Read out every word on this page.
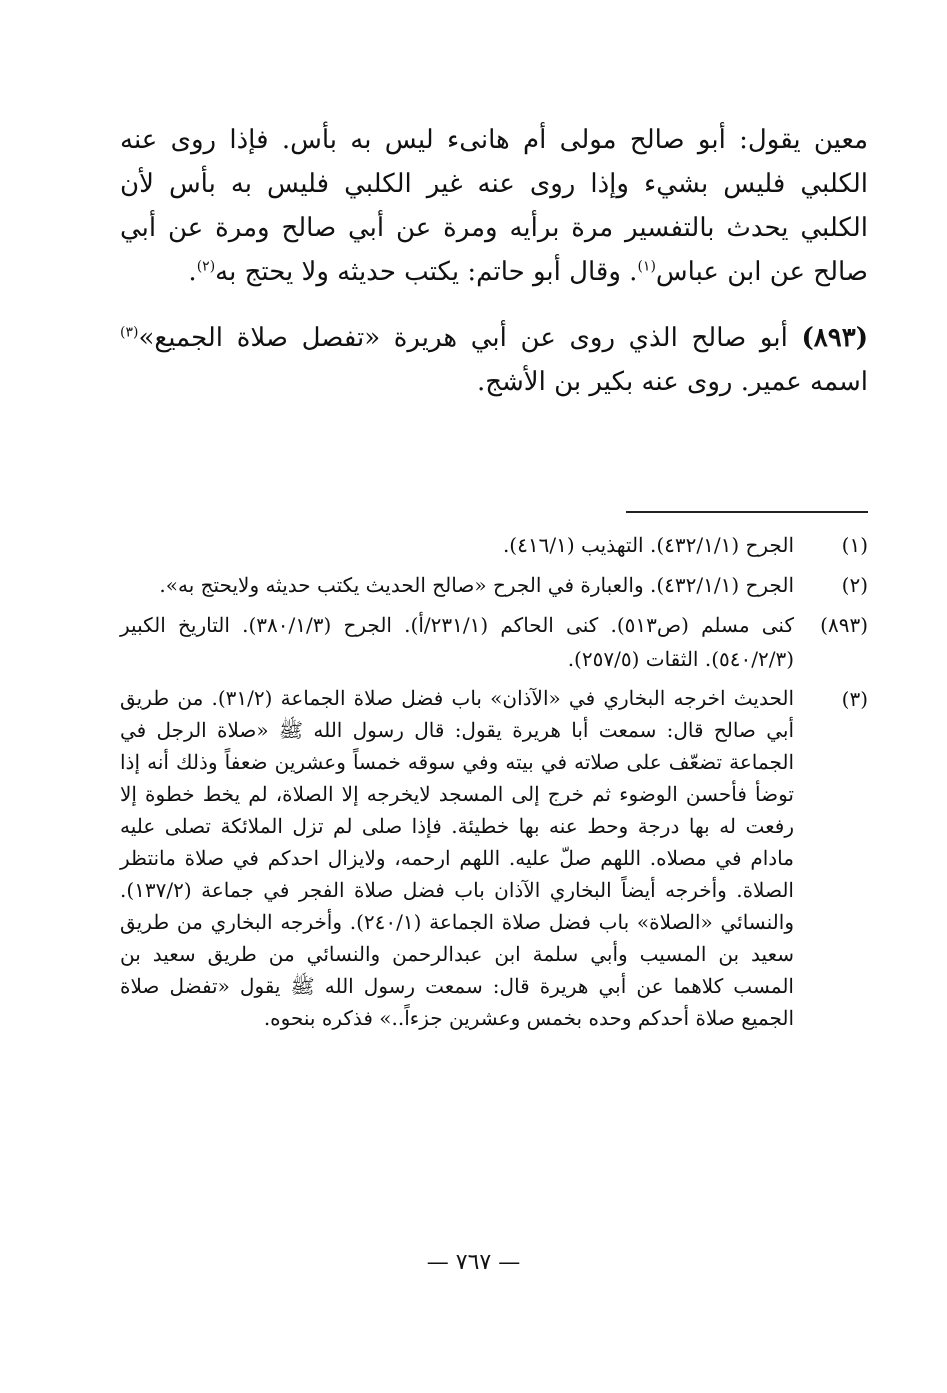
معين يقول: أبو صالح مولى أم هانىء ليس به بأس. فإذا روى عنه الكلبي فليس بشيء وإذا روى عنه غير الكلبي فليس به بأس لأن الكلبي يحدث بالتفسير مرة برأيه ومرة عن أبي صالح ومرة عن أبي صالح عن ابن عباس$^{(١)}$. وقال أبو حاتم: يكتب حديثه ولا يحتج به$^{(٢)}$.

(٨٩٣) أبو صالح الذي روى عن أبي هريرة «تفصل صلاة الجميع»$^{(٣)}$ اسمه عمير. روى عنه بكير بن الأشج.

(١)
الجرح (٤٣٢/١/١). التهذيب (٤١٦/١).
(٢)
الجرح (٤٣٢/١/١). والعبارة في الجرح «صالح الحديث يكتب حديثه ولايحتج به».
(٨٩٣)
كنى مسلم (ص٥١٣). كنى الحاكم (٢٣١/١/أ). الجرح (٣٨٠/١/٣). التاريخ الكبير (٥٤٠/٢/٣). الثقات (٢٥٧/٥).
(٣)
الحديث اخرجه البخاري في «الآذان» باب فضل صلاة الجماعة (٣١/٢). من طريق أبي صالح قال: سمعت أبا هريرة يقول: قال رسول الله ﷺ «صلاة الرجل في الجماعة تضعّف على صلاته في بيته وفي سوقه خمساً وعشرين ضعفاً وذلك أنه إذا توضأ فأحسن الوضوء ثم خرج إلى المسجد لايخرجه إلا الصلاة، لم يخط خطوة إلا رفعت له بها درجة وحط عنه بها خطيئة. فإذا صلى لم تزل الملائكة تصلى عليه مادام في مصلاه. اللهم صلّ عليه. اللهم ارحمه، ولايزال احدكم في صلاة مانتظر الصلاة. وأخرجه أيضاً البخاري الآذان باب فضل صلاة الفجر في جماعة (١٣٧/٢). والنسائي «الصلاة» باب فضل صلاة الجماعة (٢٤٠/١). وأخرجه البخاري من طريق سعيد بن المسيب وأبي سلمة ابن عبدالرحمن والنسائي من طريق سعيد بن المسب كلاهما عن أبي هريرة قال: سمعت رسول الله ﷺ يقول «تفضل صلاة الجميع صلاة أحدكم وحده بخمس وعشرين جزءاً..» فذكره بنحوه.
— ٧٦٧ —
